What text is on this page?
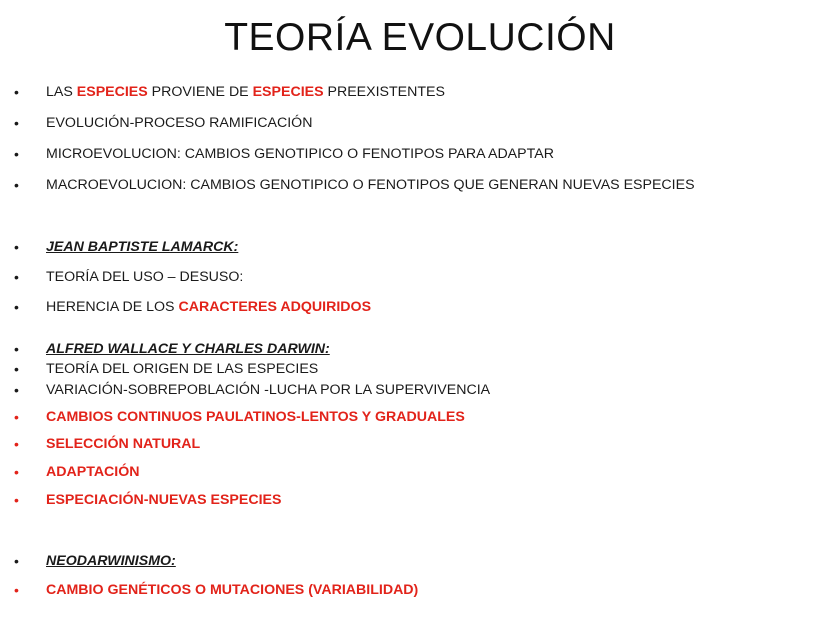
TEORÍA EVOLUCIÓN
•	LAS ESPECIES PROVIENE DE ESPECIES PREEXISTENTES
•	EVOLUCIÓN-PROCESO RAMIFICACIÓN
•	MICROEVOLUCION: CAMBIOS GENOTIPICO O FENOTIPOS PARA ADAPTAR
•	MACROEVOLUCION: CAMBIOS GENOTIPICO O FENOTIPOS QUE GENERAN NUEVAS ESPECIES
•	JEAN BAPTISTE LAMARCK:
•	TEORÍA DEL USO – DESUSO:
•	HERENCIA DE LOS CARACTERES ADQUIRIDOS
•	ALFRED WALLACE Y CHARLES DARWIN:
•	TEORÍA DEL ORIGEN DE LAS ESPECIES
•	VARIACIÓN-SOBREPOBLACIÓN -LUCHA POR LA SUPERVIVENCIA
•	CAMBIOS CONTINUOS PAULATINOS-LENTOS Y GRADUALES
•	SELECCIÓN NATURAL
•	ADAPTACIÓN
•	ESPECIACIÓN-NUEVAS ESPECIES
•	NEODARWINISMO:
•	CAMBIO GENÉTICOS O MUTACIONES (VARIABILIDAD)
